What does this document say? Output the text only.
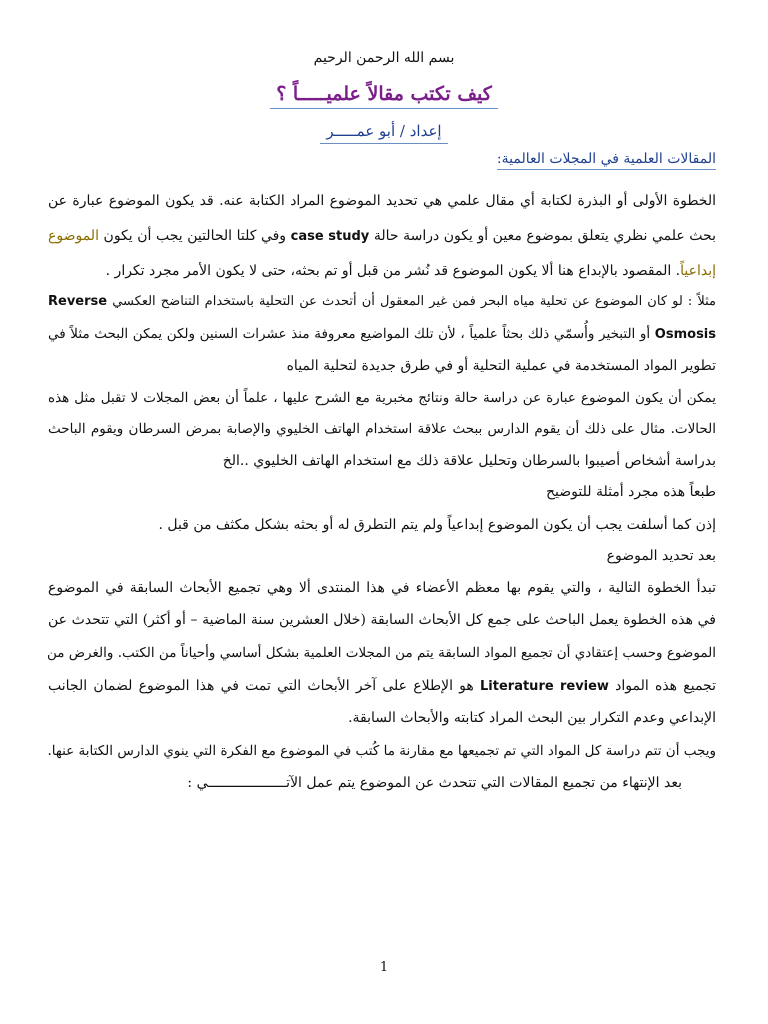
بسم الله الرحمن الرحيم
كيف تكتب مقالاً علميـــــاً ؟
إعداد / أبو عمـــــر
المقالات العلمية في المجلات العالمية:
الخطوة الأولى أو البذرة لكتابة أي مقال علمي هي تحديد الموضوع المراد الكتابة عنه. قد يكون الموضوع عبارة عن
بحث علمي نظري يتعلق بموضوع معين أو يكون دراسة حالة case study وفي كلتا الحالتين يجب أن يكون الموضوع
إبداعياً. المقصود بالإبداع هنا ألا يكون الموضوع قد نُشر من قبل أو تم بحثه، حتى لا يكون الأمر مجرد تكرار .
مثلاً : لو كان الموضوع عن تحلية مياه البحر فمن غير المعقول أن أتحدث عن التحلية باستخدام التناضح العكسي Reverse
Osmosis أو التبخير وأُسمّي ذلك بحثاً علمياً ، لأن تلك المواضيع معروفة منذ عشرات السنين ولكن يمكن البحث مثلاً في
تطوير المواد المستخدمة في عملية التحلية أو في طرق جديدة لتحلية المياه
يمكن أن يكون الموضوع عبارة عن دراسة حالة ونتائج مخبرية مع الشرح عليها ، علماً أن بعض المجلات لا تقبل مثل هذه
الحالات. مثال على ذلك أن يقوم الدارس ببحث علاقة استخدام الهاتف الخليوي والإصابة بمرض السرطان ويقوم الباحث
بدراسة أشخاص أصيبوا بالسرطان وتحليل علاقة ذلك مع استخدام الهاتف الخليوي ..الخ
طبعاً هذه مجرد أمثلة للتوضيح
إذن كما أسلفت يجب أن يكون الموضوع إبداعياً ولم يتم التطرق له أو بحثه بشكل مكثف من قبل .
بعد تحديد الموضوع
تبدأ الخطوة التالية ، والتي يقوم بها معظم الأعضاء في هذا المنتدى ألا وهي تجميع الأبحاث السابقة في الموضوع
في هذه الخطوة يعمل الباحث على جمع كل الأبحاث السابقة (خلال العشرين سنة الماضية – أو أكثر) التي تتحدث عن
الموضوع وحسب إعتقادي أن تجميع المواد السابقة يتم من المجلات العلمية بشكل أساسي وأحياناً من الكتب. والغرض من
تجميع هذه المواد Literature review هو الإطلاع على آخر الأبحاث التي تمت في هذا الموضوع لضمان الجانب
الإبداعي وعدم التكرار بين البحث المراد كتابته والأبحاث السابقة.
ويجب أن تتم دراسة كل المواد التي تم تجميعها مع مقارنة ما كُتب في الموضوع مع الفكرة التي ينوي الدارس الكتابة عنها.
بعد الإنتهاء من تجميع المقالات التي تتحدث عن الموضوع يتم عمل الآتـــــــــــــــــــي :
1
